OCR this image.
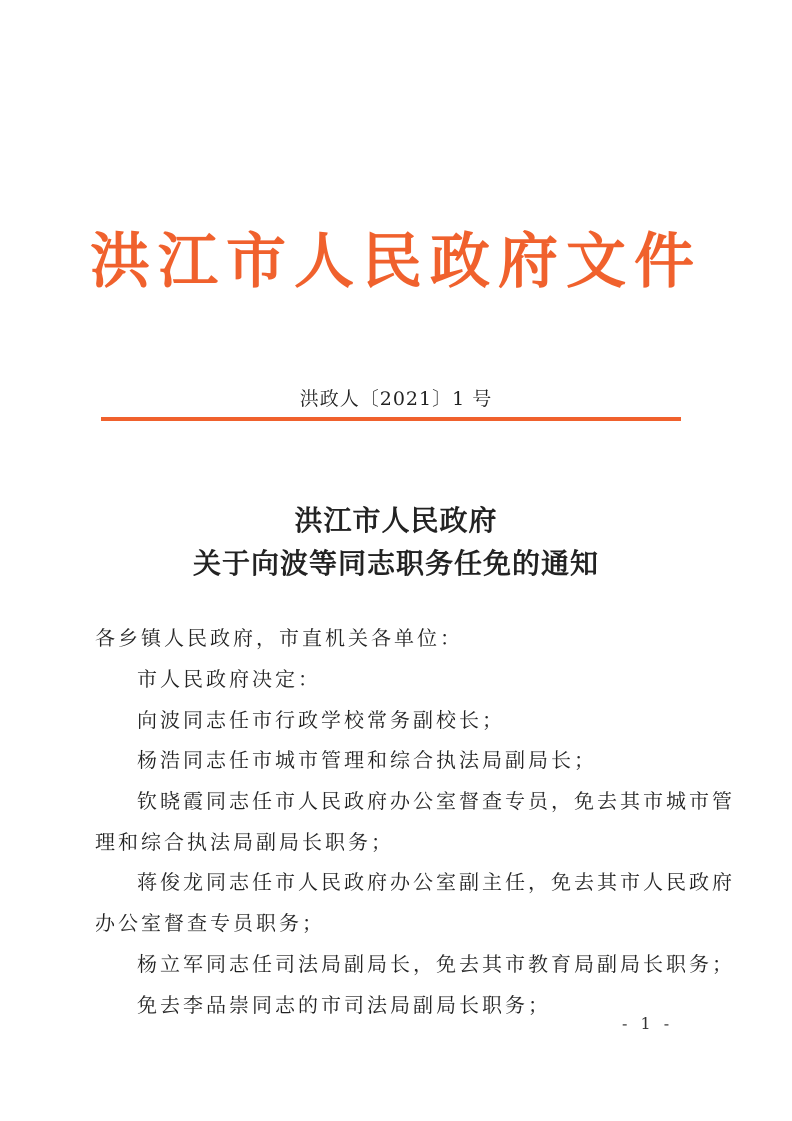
洪江市人民政府文件
洪政人〔2021〕1 号
洪江市人民政府
关于向波等同志职务任免的通知
各乡镇人民政府，市直机关各单位：
市人民政府决定：
向波同志任市行政学校常务副校长；
杨浩同志任市城市管理和综合执法局副局长；
钦晓霞同志任市人民政府办公室督查专员，免去其市城市管
理和综合执法局副局长职务；
蒋俊龙同志任市人民政府办公室副主任，免去其市人民政府
办公室督查专员职务；
杨立军同志任司法局副局长，免去其市教育局副局长职务；
免去李品崇同志的市司法局副局长职务；
- 1 -
